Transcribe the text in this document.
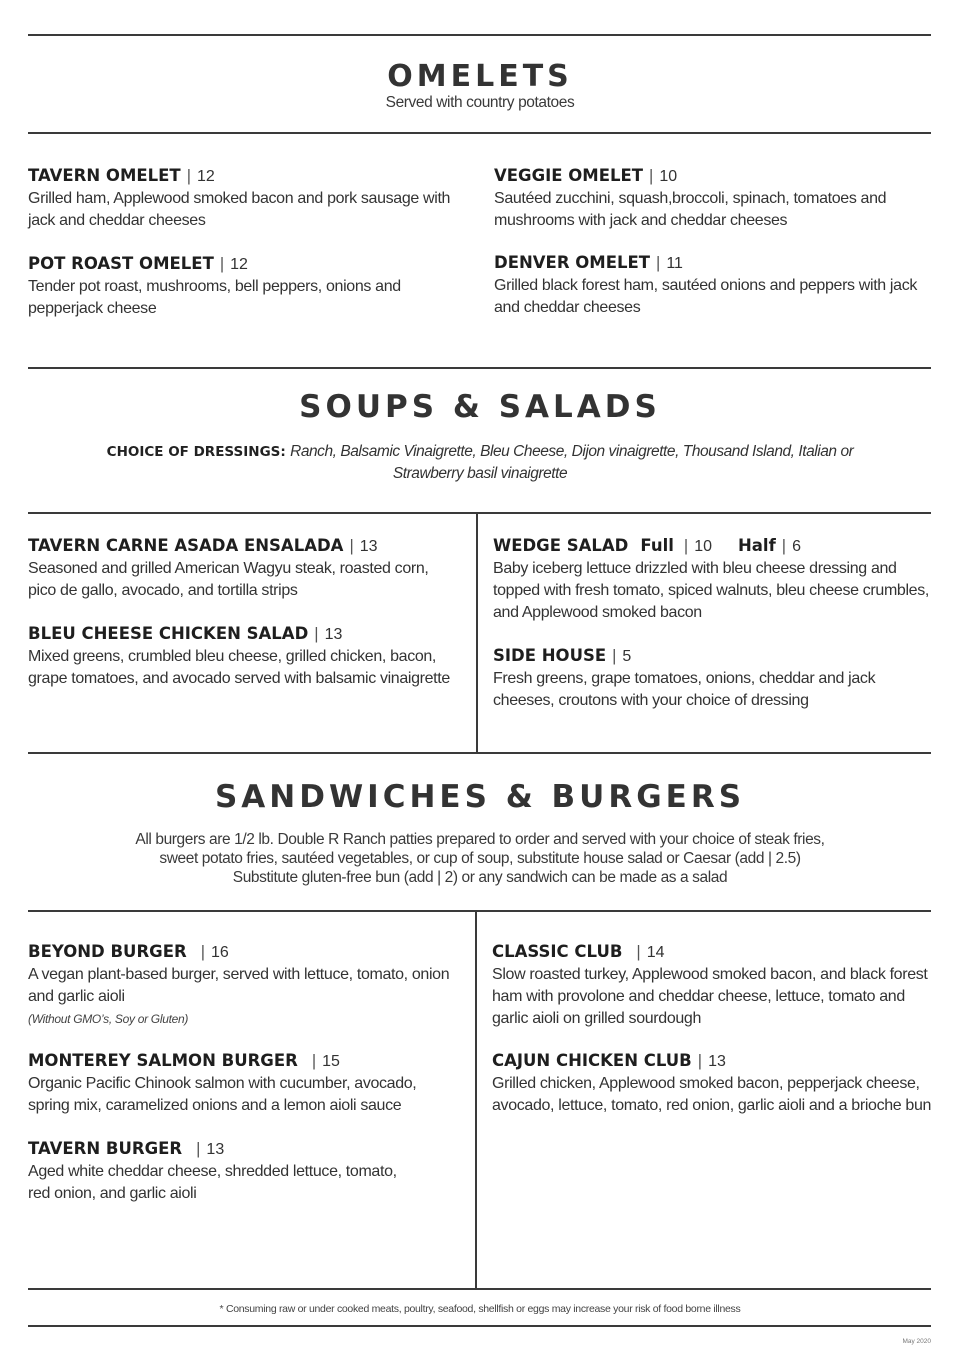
OMELETS
Served with country potatoes
TAVERN OMELET | 12
Grilled ham, Applewood smoked bacon and pork sausage with jack and cheddar cheeses
POT ROAST OMELET | 12
Tender pot roast, mushrooms, bell peppers, onions and pepperjack cheese
VEGGIE OMELET | 10
Sautéed zucchini, squash,broccoli, spinach, tomatoes and mushrooms with jack and cheddar cheeses
DENVER OMELET | 11
Grilled black forest ham, sautéed onions and peppers with jack and cheddar cheeses
SOUPS & SALADS
CHOICE OF DRESSINGS: Ranch, Balsamic Vinaigrette, Bleu Cheese, Dijon vinaigrette, Thousand Island, Italian or Strawberry basil vinaigrette
TAVERN CARNE ASADA ENSALADA | 13
Seasoned and grilled American Wagyu steak, roasted corn, pico de gallo, avocado, and tortilla strips
BLEU CHEESE CHICKEN SALAD | 13
Mixed greens, crumbled bleu cheese, grilled chicken, bacon, grape tomatoes, and avocado served with balsamic vinaigrette
WEDGE SALAD Full | 10 Half | 6
Baby iceberg lettuce drizzled with bleu cheese dressing and topped with fresh tomato, spiced walnuts, bleu cheese crumbles, and Applewood smoked bacon
SIDE HOUSE | 5
Fresh greens, grape tomatoes, onions, cheddar and jack cheeses, croutons with your choice of dressing
SANDWICHES & BURGERS
All burgers are 1/2 lb. Double R Ranch patties prepared to order and served with your choice of steak fries,
sweet potato fries, sautéed vegetables, or cup of soup, substitute house salad or Caesar (add | 2.5)
Substitute gluten-free bun (add | 2) or any sandwich can be made as a salad
BEYOND BURGER | 16
A vegan plant-based burger, served with lettuce, tomato, onion and garlic aioli
(Without GMO’s, Soy or Gluten)
MONTEREY SALMON BURGER | 15
Organic Pacific Chinook salmon with cucumber, avocado, spring mix, caramelized onions and a lemon aioli sauce
TAVERN BURGER | 13
Aged white cheddar cheese, shredded lettuce, tomato, red onion, and garlic aioli
CLASSIC CLUB | 14
Slow roasted turkey, Applewood smoked bacon, and black forest ham with provolone and cheddar cheese, lettuce, tomato and garlic aioli on grilled sourdough
CAJUN CHICKEN CLUB | 13
Grilled chicken, Applewood smoked bacon, pepperjack cheese, avocado, lettuce, tomato, red onion, garlic aioli and a brioche bun
* Consuming raw or under cooked meats, poultry, seafood, shellfish or eggs may increase your risk of food borne illness
May 2020
